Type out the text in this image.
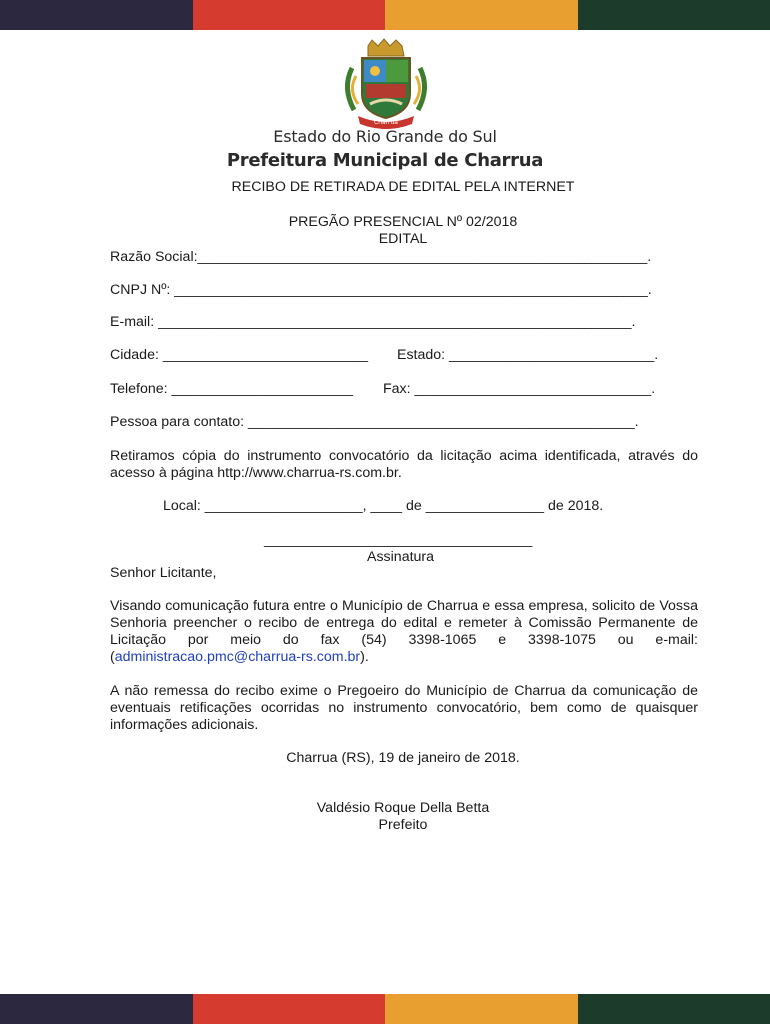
Charrua
Estado do Rio Grande do Sul
Prefeitura Municipal de Charrua
RECIBO DE RETIRADA DE EDITAL PELA INTERNET
PREGÃO PRESENCIAL Nº 02/2018
EDITAL
Razão Social:_________________________________________________________.
CNPJ Nº: ____________________________________________________________.
E-mail: ____________________________________________________________.
Cidade: __________________________ Estado: __________________________.
Telefone: _______________________ Fax: ______________________________.
Pessoa para contato: _________________________________________________.
Retiramos cópia do instrumento convocatório da licitação acima identificada, através do acesso à página http://www.charrua-rs.com.br.
Local: ____________________, ____ de _______________ de 2018.
__________________________________
Assinatura
Senhor Licitante,
Visando comunicação futura entre o Município de Charrua e essa empresa, solicito de Vossa Senhoria preencher o recibo de entrega do edital e remeter à Comissão Permanente de Licitação por meio do fax (54) 3398-1065 e 3398-1075 ou e-mail:(administracao.pmc@charrua-rs.com.br).
A não remessa do recibo exime o Pregoeiro do Município de Charrua da comunicação de eventuais retificações ocorridas no instrumento convocatório, bem como de quaisquer informações adicionais.
Charrua (RS), 19 de janeiro de 2018.
Valdésio Roque Della Betta
Prefeito
